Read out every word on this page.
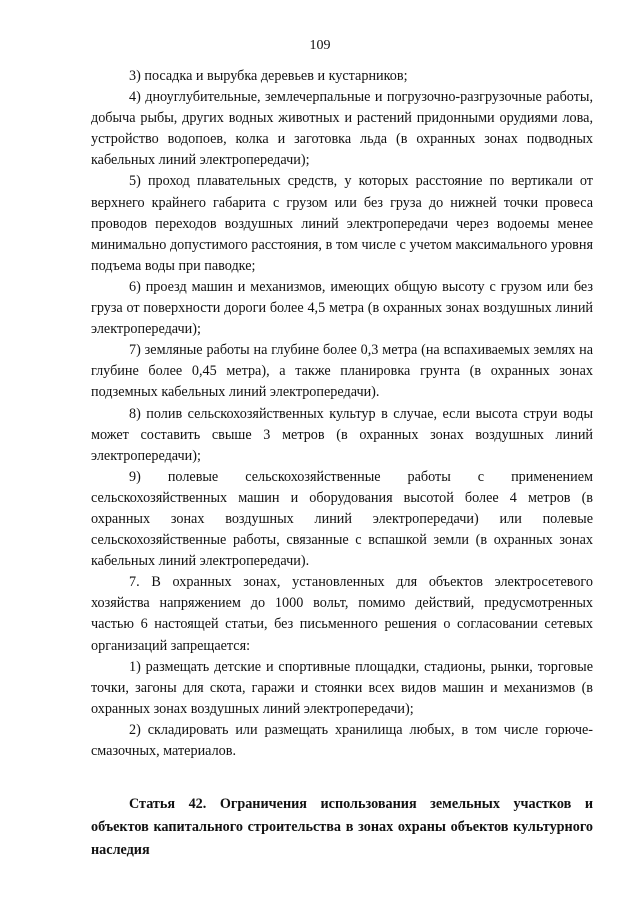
109

3) посадка и вырубка деревьев и кустарников;

4) дноуглубительные, землечерпальные и погрузочно-разгрузочные работы, добыча рыбы, других водных животных и растений придонными орудиями лова, устройство водопоев, колка и заготовка льда (в охранных зонах подводных кабельных линий электропередачи);

5) проход плавательных средств, у которых расстояние по вертикали от верхнего крайнего габарита с грузом или без груза до нижней точки провеса проводов переходов воздушных линий электропередачи через водоемы менее минимально допустимого расстояния, в том числе с учетом максимального уровня подъема воды при паводке;

6) проезд машин и механизмов, имеющих общую высоту с грузом или без груза от поверхности дороги более 4,5 метра (в охранных зонах воздушных линий электропередачи);

7) земляные работы на глубине более 0,3 метра (на вспахиваемых землях на глубине более 0,45 метра), а также планировка грунта (в охранных зонах подземных кабельных линий электропередачи).

8) полив сельскохозяйственных культур в случае, если высота струи воды может составить свыше 3 метров (в охранных зонах воздушных линий электропередачи);

9) полевые сельскохозяйственные работы с применением сельскохозяйственных машин и оборудования высотой более 4 метров (в охранных зонах воздушных линий электропередачи) или полевые сельскохозяйственные работы, связанные с вспашкой земли (в охранных зонах кабельных линий электропередачи).

7. В охранных зонах, установленных для объектов электросетевого хозяйства напряжением до 1000 вольт, помимо действий, предусмотренных частью 6 настоящей статьи, без письменного решения о согласовании сетевых организаций запрещается:

1) размещать детские и спортивные площадки, стадионы, рынки, торговые точки, загоны для скота, гаражи и стоянки всех видов машин и механизмов (в охранных зонах воздушных линий электропередачи);

2) складировать или размещать хранилища любых, в том числе горюче-смазочных, материалов.

Статья 42. Ограничения использования земельных участков и объектов капитального строительства в зонах охраны объектов культурного наследия
